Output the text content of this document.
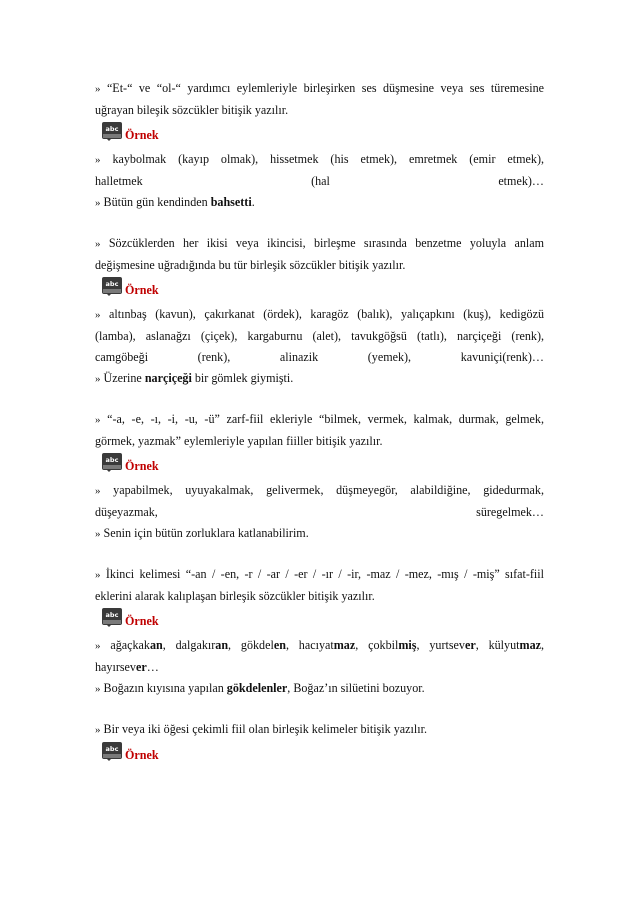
» “Et-“ ve “ol-“ yardımcı eylemleriyle birleşirken ses düşmesine veya ses türemesine
uğrayan bileşik sözcükler bitişik yazılır.

abc Örnek

» kaybolmak (kayıp olmak), hissetmek (his etmek), emretmek (emir etmek),
halletmek	(hal	etmek)…
» Bütün gün kendinden bahsetti.

» Sözcüklerden her ikisi veya ikincisi, birleşme sırasında benzetme yoluyla anlam
değişmesine uğradığında bu tür birleşik sözcükler bitişik yazılır.

abc Örnek

» altınbaş (kavun), çakırkanat (ördek), karagöz (balık), yalıçapkını (kuş), kedigözü
(lamba), aslanağzı (çiçek), kargaburnu (alet), tavukgöğsü (tatlı), narçiçeği (renk),
camgöbeği	(renk),	alinazik	(yemek),	kavuniçi(renk)…
» Üzerine narçiçeği bir gömlek giymişti.

» “-a, -e, -ı, -i, -u, -ü” zarf-fiil ekleriyle “bilmek, vermek, kalmak, durmak, gelmek,
görmek, yazmak” eylemleriyle yapılan fiiller bitişik yazılır.

abc Örnek

» yapabilmek, uyuyakalmak, gelivermek, düşmeyegör, alabildiğine, gidedurmak,
düşeyazmak,	süregelmek…
» Senin için bütün zorluklara katlanabilirim.

» İkinci kelimesi “-an / -en, -r / -ar / -er / -ır / -ir, -maz / -mez, -mış / -miş” sıfat-fiil
eklerini alarak kalıplaşan birleşik sözcükler bitişik yazılır.

abc Örnek

» ağaçkakan, dalgakıran, gökdelen, hacıyatmaz, çokbilmiş, yurtsever, külyutmaz,
hayırsever…
» Boğazın kıyısına yapılan gökdelenler, Boğaz’ın silüetini bozuyor.

» Bir veya iki öğesi çekimli fiil olan birleşik kelimeler bitişik yazılır.

abc Örnek
